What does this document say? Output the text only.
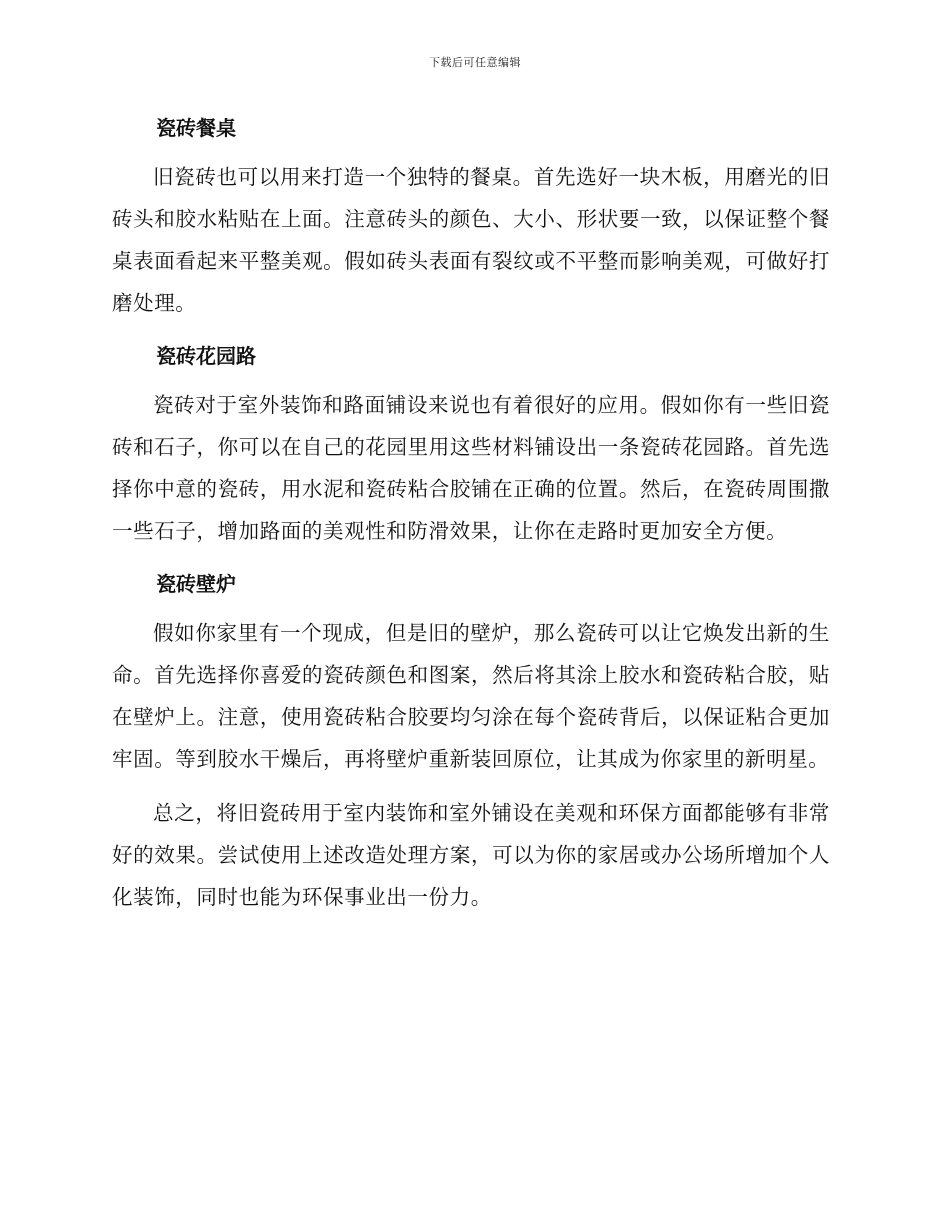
下载后可任意编辑
瓷砖餐桌

旧瓷砖也可以用来打造一个独特的餐桌。首先选好一块木板，用磨光的旧砖头和胶水粘贴在上面。注意砖头的颜色、大小、形状要一致，以保证整个餐桌表面看起来平整美观。假如砖头表面有裂纹或不平整而影响美观，可做好打磨处理。

瓷砖花园路

瓷砖对于室外装饰和路面铺设来说也有着很好的应用。假如你有一些旧瓷砖和石子，你可以在自己的花园里用这些材料铺设出一条瓷砖花园路。首先选择你中意的瓷砖，用水泥和瓷砖粘合胶铺在正确的位置。然后，在瓷砖周围撒一些石子，增加路面的美观性和防滑效果，让你在走路时更加安全方便。

瓷砖壁炉

假如你家里有一个现成，但是旧的壁炉，那么瓷砖可以让它焕发出新的生命。首先选择你喜爱的瓷砖颜色和图案，然后将其涂上胶水和瓷砖粘合胶，贴在壁炉上。注意，使用瓷砖粘合胶要均匀涂在每个瓷砖背后，以保证粘合更加牢固。等到胶水干燥后，再将壁炉重新装回原位，让其成为你家里的新明星。

总之，将旧瓷砖用于室内装饰和室外铺设在美观和环保方面都能够有非常好的效果。尝试使用上述改造处理方案，可以为你的家居或办公场所增加个人化装饰，同时也能为环保事业出一份力。
